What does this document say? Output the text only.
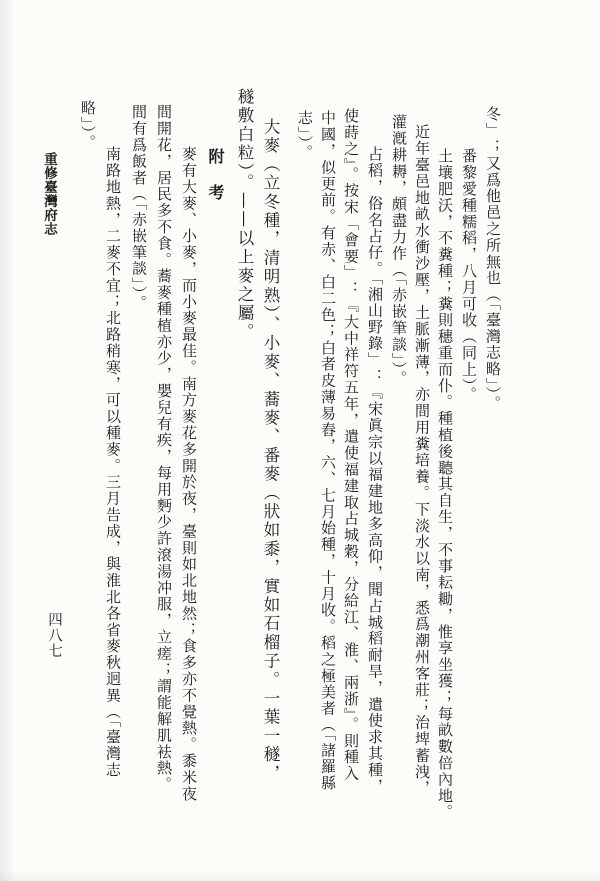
冬」；又爲他邑之所無也（「臺灣志略」）。
番黎愛種糯稻，八月可收（同上）。
土壤肥沃，不糞種；糞則穗重而仆。種植後聽其自生，不事耘耡，惟享坐獲；每畝數倍內地。
近年臺邑地畝水衝沙壓，土脈漸薄，亦間用糞培養。下淡水以南，悉爲潮州客莊；治埤蓄洩，
灌漑耕耨，頗盡力作（「赤嵌筆談」）。
占稻，俗名占仔。「湘山野錄」：『宋眞宗以福建地多高仰，聞占城稻耐旱，遣使求其種，
使蒔之』。按宋「會要」：『大中祥符五年，遣使福建取占城穀，分給江、淮、兩浙』。則種入
中國，似更前。有赤、白二色；白者皮薄易舂，六、七月始種，十月收。稻之極美者（「諸羅縣
志」）。
大麥（立冬種，清明熟）、小麥、蕎麥、番麥（狀如黍，實如石榴子。一葉一穟，
穟敷白粒）。——以上麥之屬。
附　考
麥有大麥、小麥，而小麥最佳。南方麥花多開於夜，臺則如北地然；食多亦不覺熱。黍米夜
間開花，居民多不食。蕎麥種植亦少，嬰兒有疾，每用麪少許滾湯冲服，立瘥；謂能解肌袪熱。
間有爲飯者（「赤嵌筆談」）。
南路地熱，二麥不宜；北路稍寒，可以種麥。三月告成，與淮北各省麥秋迥異（「臺灣志
略」）。
重修臺灣府志
四八七
